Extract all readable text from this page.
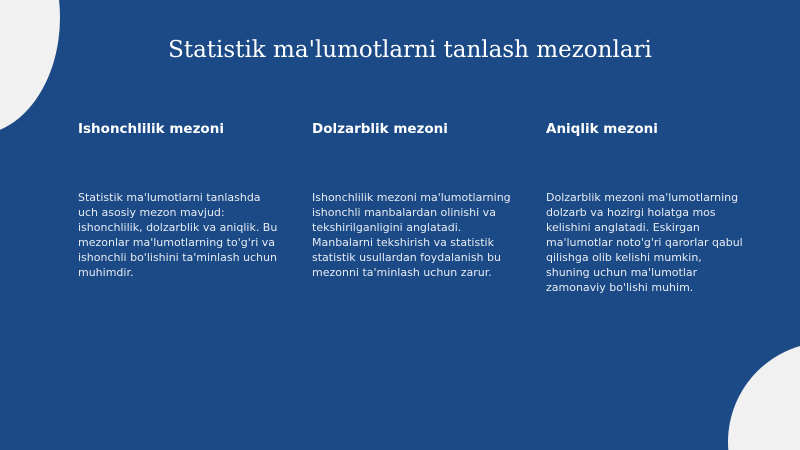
Statistik ma'lumotlarni tanlash mezonlari
Ishonchlilik mezoni

Statistik ma'lumotlarni tanlashda uch asosiy mezon mavjud: ishonchlilik, dolzarblik va aniqlik. Bu mezonlar ma'lumotlarning to'g'ri va ishonchli bo'lishini ta'minlash uchun muhimdir.

Dolzarblik mezoni

Ishonchlilik mezoni ma'lumotlarning ishonchli manbalardan olinishi va tekshirilganligini anglatadi. Manbalarni tekshirish va statistik statistik usullardan foydalanish bu mezonni ta'minlash uchun zarur.

Aniqlik mezoni

Dolzarblik mezoni ma'lumotlarning dolzarb va hozirgi holatga mos kelishini anglatadi. Eskirgan ma'lumotlar noto'g'ri qarorlar qabul qilishga olib kelishi mumkin, shuning uchun ma'lumotlar zamonaviy bo'lishi muhim.
